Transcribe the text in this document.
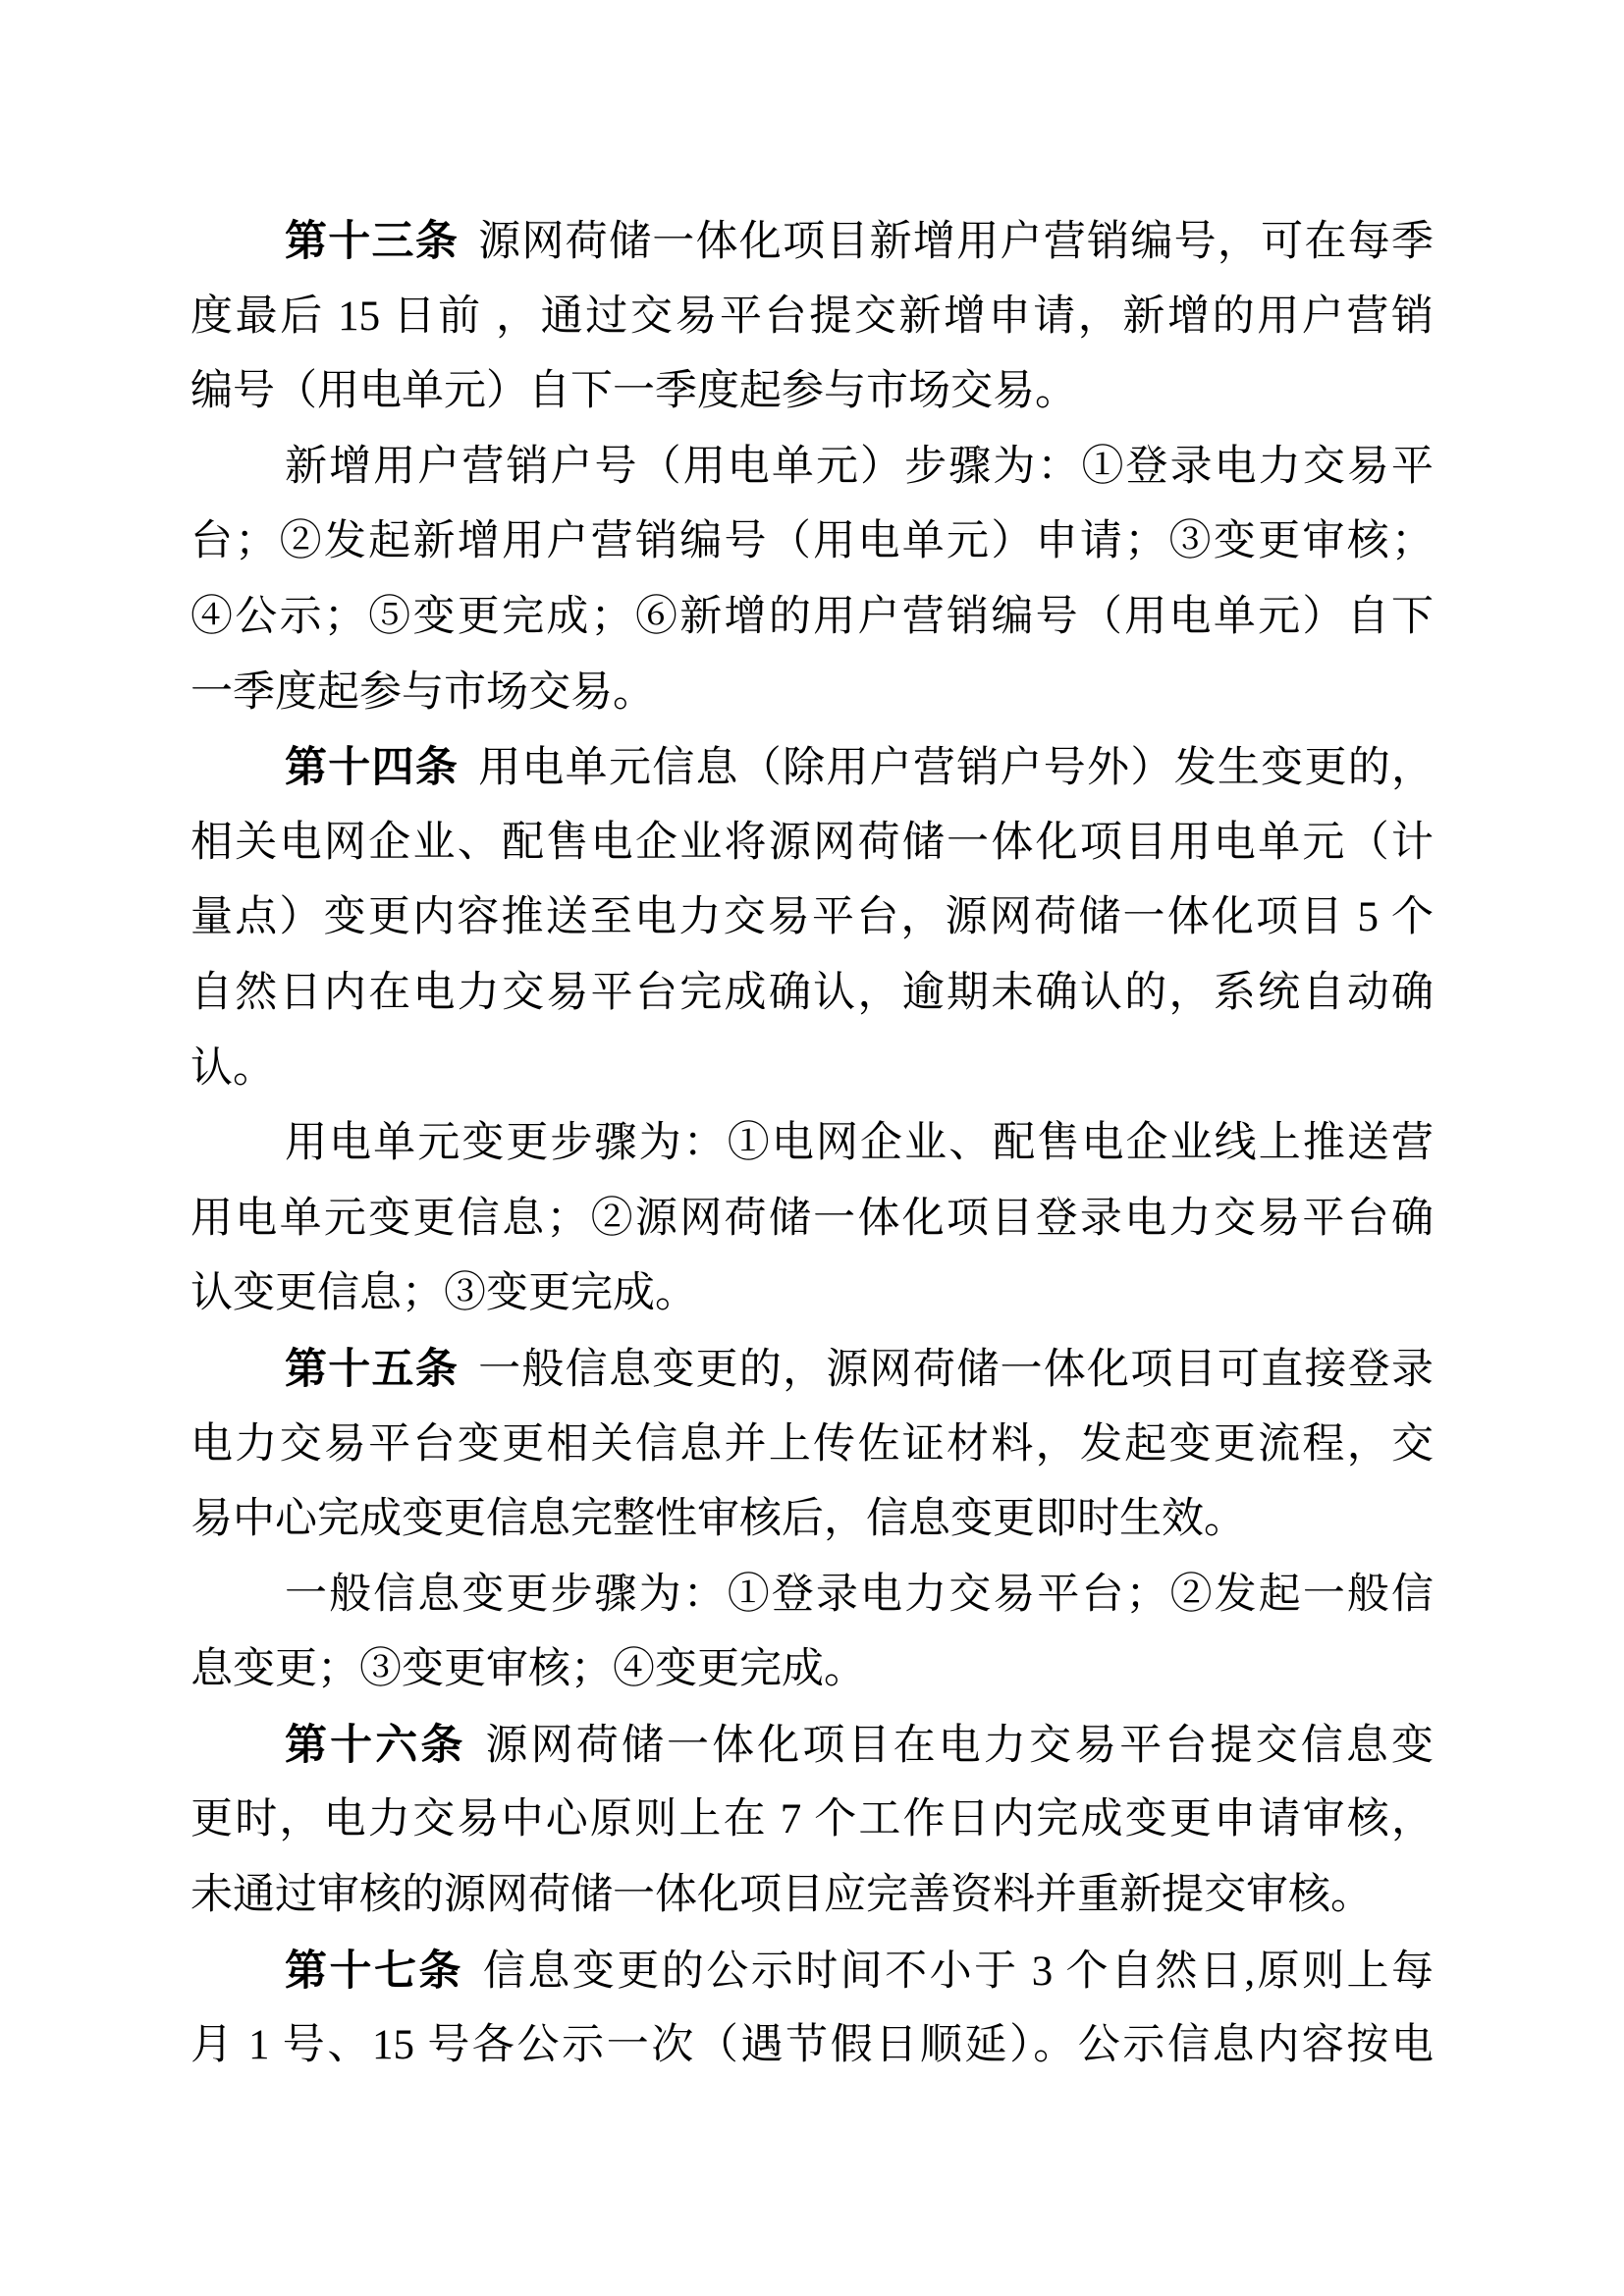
第十三条 源网荷储一体化项目新增用户营销编号，可在每季
度最后 15 日前 ，通过交易平台提交新增申请，新增的用户营销
编号（用电单元）自下一季度起参与市场交易。
新增用户营销户号（用电单元）步骤为：①登录电力交易平
台；②发起新增用户营销编号（用电单元）申请；③变更审核；
④公示；⑤变更完成；⑥新增的用户营销编号（用电单元）自下
一季度起参与市场交易。
第十四条 用电单元信息（除用户营销户号外）发生变更的，
相关电网企业、配售电企业将源网荷储一体化项目用电单元（计
量点）变更内容推送至电力交易平台，源网荷储一体化项目 5 个
自然日内在电力交易平台完成确认，逾期未确认的，系统自动确
认。
用电单元变更步骤为：①电网企业、配售电企业线上推送营
用电单元变更信息；②源网荷储一体化项目登录电力交易平台确
认变更信息；③变更完成。
第十五条 一般信息变更的，源网荷储一体化项目可直接登录
电力交易平台变更相关信息并上传佐证材料，发起变更流程，交
易中心完成变更信息完整性审核后，信息变更即时生效。
一般信息变更步骤为：①登录电力交易平台；②发起一般信
息变更；③变更审核；④变更完成。
第十六条 源网荷储一体化项目在电力交易平台提交信息变
更时，电力交易中心原则上在 7 个工作日内完成变更申请审核，
未通过审核的源网荷储一体化项目应完善资料并重新提交审核。
第十七条 信息变更的公示时间不小于 3 个自然日,原则上每
月 1 号、15 号各公示一次（遇节假日顺延）。公示信息内容按电
